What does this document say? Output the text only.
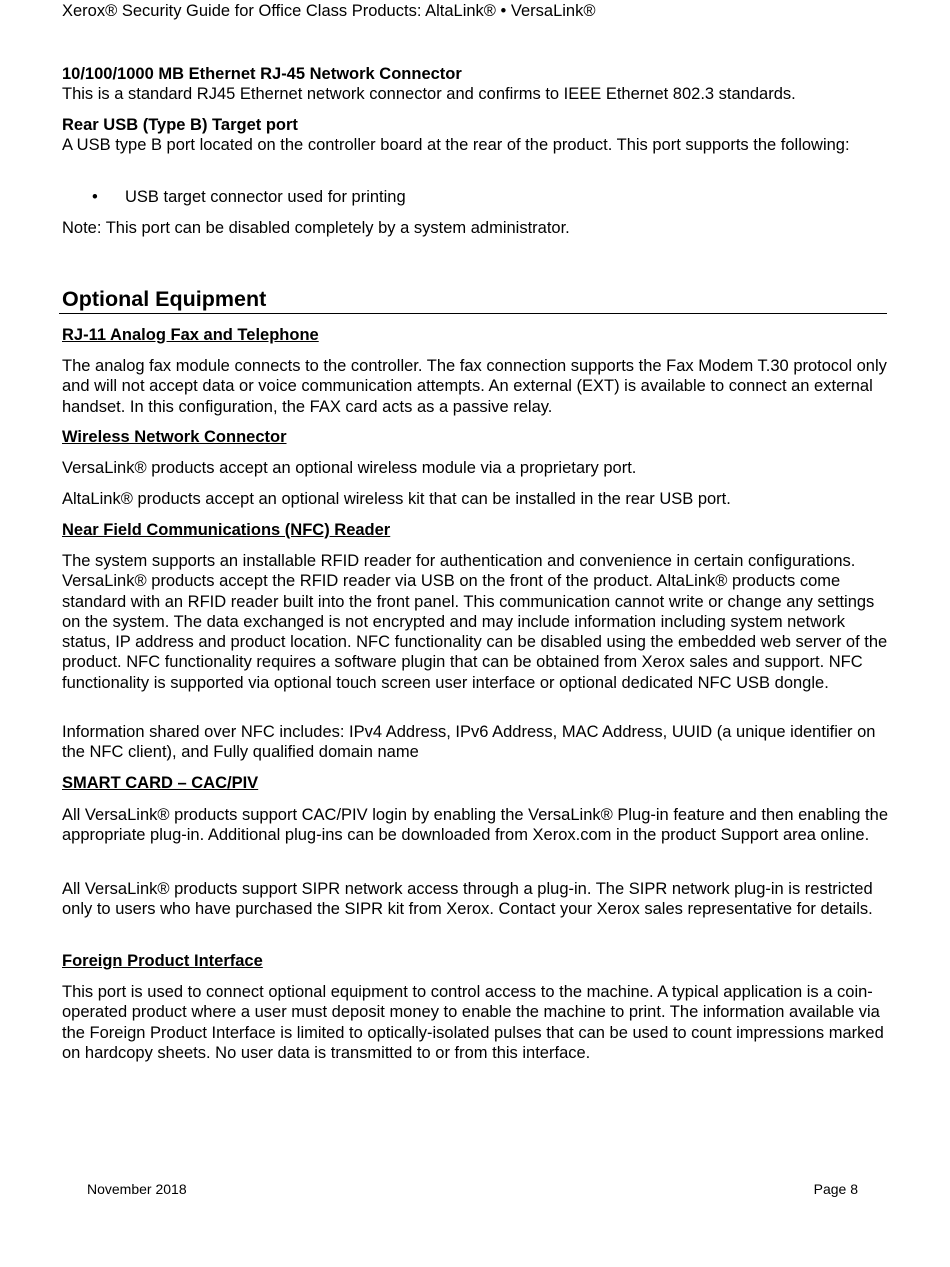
Xerox® Security Guide for Office Class Products: AltaLink® • VersaLink®

10/100/1000 MB Ethernet RJ-45 Network Connector

This is a standard RJ45 Ethernet network connector and confirms to IEEE Ethernet 802.3 standards.

Rear USB (Type B) Target port

A USB type B port located on the controller board at the rear of the product. This port supports the following:

• USB target connector used for printing

Note: This port can be disabled completely by a system administrator.

Optional Equipment

RJ-11 Analog Fax and Telephone

The analog fax module connects to the controller. The fax connection supports the Fax Modem T.30 protocol only and will not accept data or voice communication attempts. An external (EXT) is available to connect an external handset. In this configuration, the FAX card acts as a passive relay.

Wireless Network Connector

VersaLink® products accept an optional wireless module via a proprietary port.

AltaLink® products accept an optional wireless kit that can be installed in the rear USB port.

Near Field Communications (NFC) Reader

The system supports an installable RFID reader for authentication and convenience in certain configurations. VersaLink® products accept the RFID reader via USB on the front of the product. AltaLink® products come standard with an RFID reader built into the front panel. This communication cannot write or change any settings on the system. The data exchanged is not encrypted and may include information including system network status, IP address and product location. NFC functionality can be disabled using the embedded web server of the product. NFC functionality requires a software plugin that can be obtained from Xerox sales and support. NFC functionality is supported via optional touch screen user interface or optional dedicated NFC USB dongle.

Information shared over NFC includes: IPv4 Address, IPv6 Address, MAC Address, UUID (a unique identifier on the NFC client), and Fully qualified domain name

SMART CARD – CAC/PIV

All VersaLink® products support CAC/PIV login by enabling the VersaLink® Plug-in feature and then enabling the appropriate plug-in. Additional plug-ins can be downloaded from Xerox.com in the product Support area online.

All VersaLink® products support SIPR network access through a plug-in. The SIPR network plug-in is restricted only to users who have purchased the SIPR kit from Xerox. Contact your Xerox sales representative for details.

Foreign Product Interface

This port is used to connect optional equipment to control access to the machine. A typical application is a coin-operated product where a user must deposit money to enable the machine to print. The information available via the Foreign Product Interface is limited to optically-isolated pulses that can be used to count impressions marked on hardcopy sheets. No user data is transmitted to or from this interface.

November 2018	Page 8
